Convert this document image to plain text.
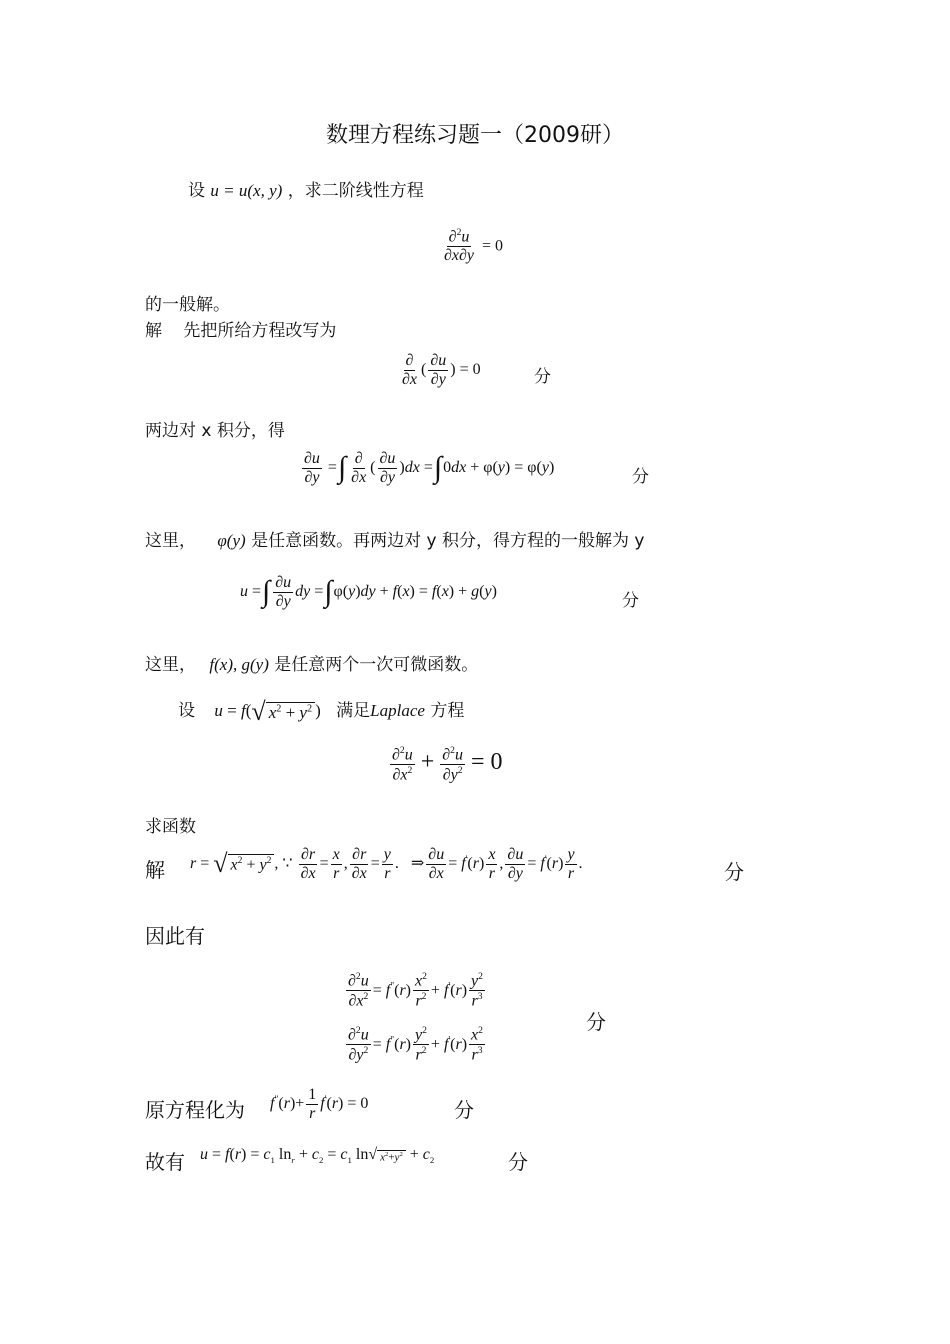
数理方程练习题一（2009研）
设 u = u(x, y) ，求二阶线性方程
$\frac{\partial^2u}{\partial x\partial y} = 0$
的一般解。
解 先把所给方程改写为
$\frac{\partial}{\partial x}$ ( $\frac{\partial u}{\partial y}$ ) = 0	分
两边对 x 积分，得
$\frac{\partial u}{\partial y}$ =∫ $\frac{\partial}{\partial x}$ ( $\frac{\partial u}{\partial y} )dx =\int 0dx + \varphi(y) = \varphi(y)$	分
这里， φ(y) 是任意函数。再两边对 y 积分，得方程的一般解为 y
u =∫ $\frac{\partial u}{\partial y}$ dy =∫φ(y)dy + f(x) = f(x) + g(y)	分
这里， f(x), g(y) 是任意两个一次可微函数。
设 u = f( √ $x^2 + y^2$ ) 满足Laplace 方程
$\frac{\partial^2u}{\partial x^2} + \frac{\partial^2u}{\partial y^2} = 0$
求函数
解 r = √ $x^2 + y^2$ , ∵ $\frac{\partial r}{\partial x} = \frac{x}{r}$ , $\frac{\partial r}{\partial x} = \frac{y}{r}$ . ⇒ $\frac{\partial u}{\partial x} = f'(r) \frac{x}{r}$ , $\frac{\partial u}{\partial y} = f'(r) \frac{y}{r}$ .	分
因此有
$\frac{\partial^2u}{\partial x^2} = f^"(r) \frac{x^2}{r^2} + f'(r) \frac{y^2}{r^3}$
$\frac{\partial^2u}{\partial y^2} = f^"(r) \frac{y^2}{r^2} + f'(r) \frac{x^2}{r^3}$
分
原方程化为 $f^"(r)+ \frac{1}{r} f'(r) = 0$	分
故有 $u = f(r) = c_1$ $\ln_r + c_2 = c_1$ ln √ $x^2+y^2 + c_2$	分
